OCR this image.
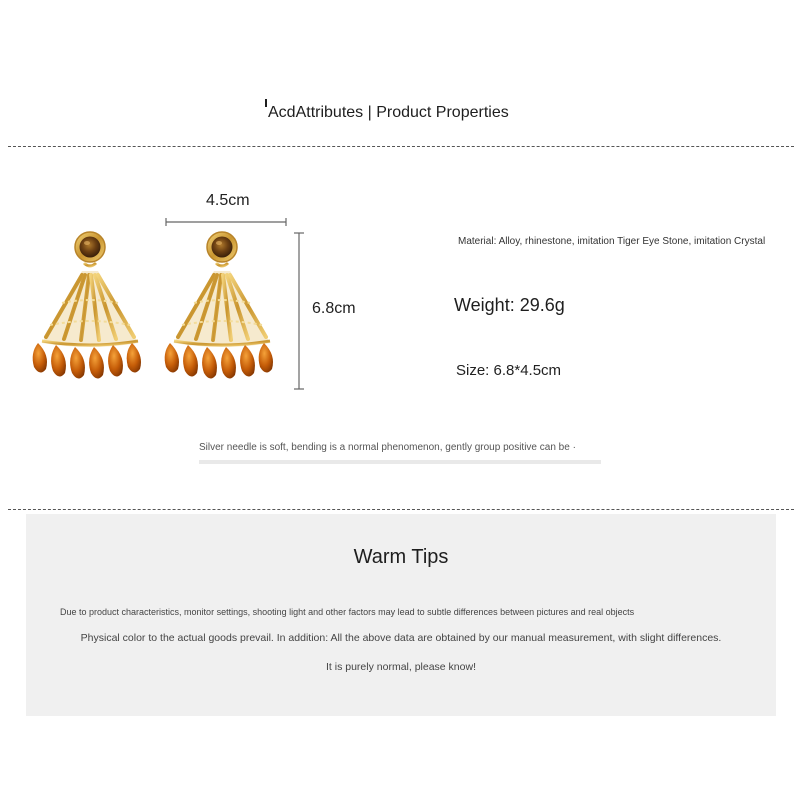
AcdAttributes | Product Properties
4.5cm
6.8cm
Material: Alloy, rhinestone, imitation Tiger Eye Stone, imitation Crystal
Weight: 29.6g
Size: 6.8*4.5cm
Silver needle is soft, bending is a normal phenomenon, gently group positive can be ·
Warm Tips
Due to product characteristics, monitor settings, shooting light and other factors may lead to subtle differences between pictures and real objects
Physical color to the actual goods prevail. In addition: All the above data are obtained by our manual measurement, with slight differences.
It is purely normal, please know!
